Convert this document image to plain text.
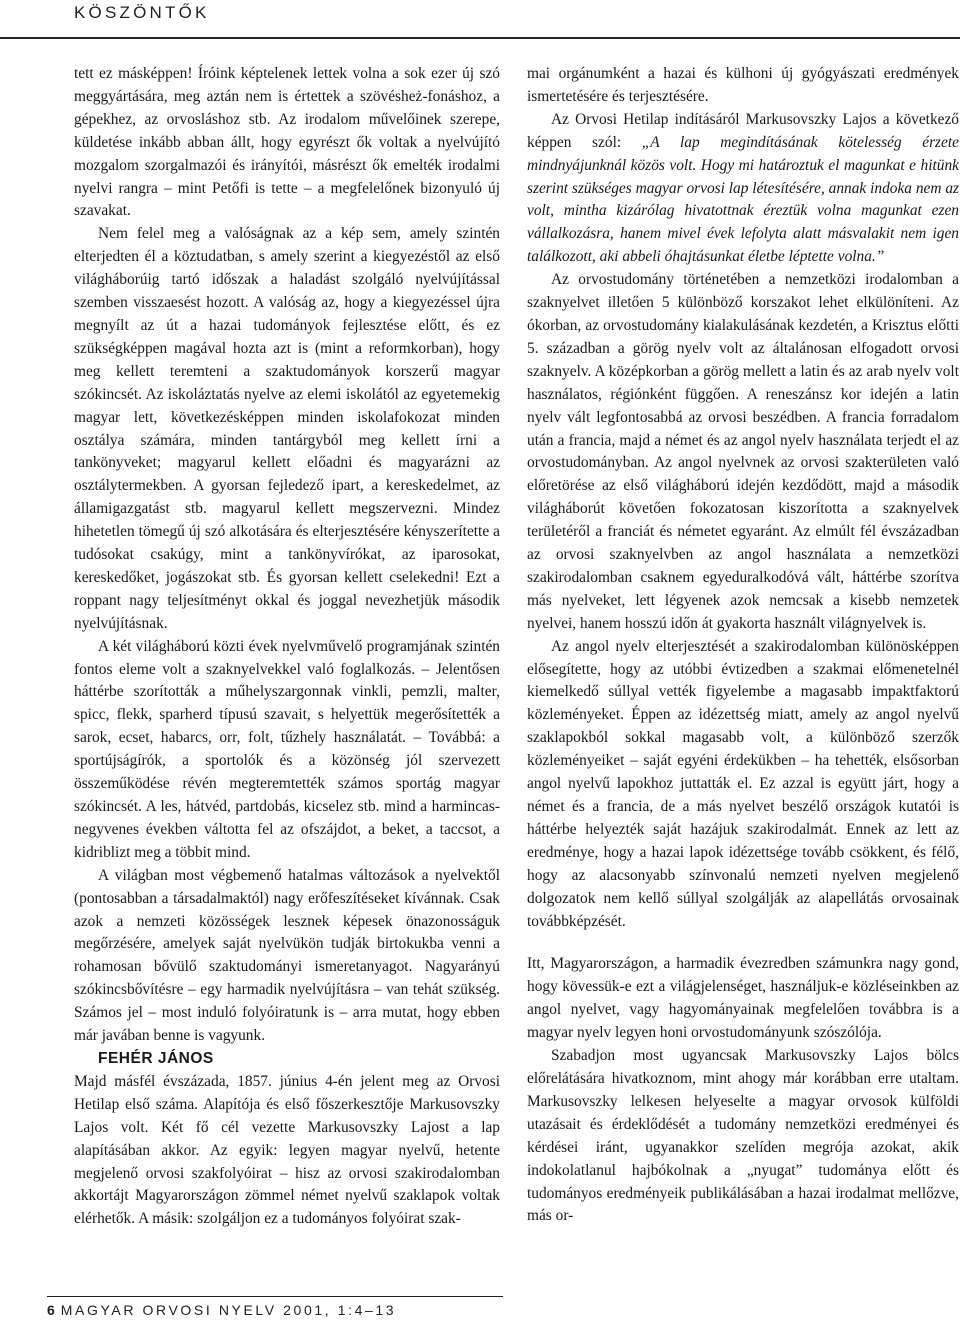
KÖSZÖNTŐK

tett ez másképpen! Íróink képtelenek lettek volna a sok ezer új szó meggyártására, meg aztán nem is értettek a szövésheż-fonáshoz, a gépekhez, az orvosláshoz stb. Az irodalom művelőinek szerepe, küldetése inkább abban állt, hogy egyrészt ők voltak a nyelvújító mozgalom szorgalmazói és irányítói, másrészt ők emelték irodalmi nyelvi rangra – mint Petőfi is tette – a megfelelőnek bizonyuló új szavakat.

Nem felel meg a valóságnak az a kép sem, amely szintén elterjedten él a köztudatban, s amely szerint a kiegyezéstől az első világháborúig tartó időszak a haladást szolgáló nyelvújítással szemben visszaesést hozott. A valóság az, hogy a kiegyezéssel újra megnyílt az út a hazai tudományok fejlesztése előtt, és ez szükségképpen magával hozta azt is (mint a reformkorban), hogy meg kellett teremteni a szaktudományok korszerű magyar szókincsét. Az iskoláztatás nyelve az elemi iskolától az egyetemekig magyar lett, következésképpen minden iskolafokozat minden osztálya számára, minden tantárgyból meg kellett írni a tankönyveket; magyarul kellett előadni és magyarázni az osztálytermekben. A gyorsan fejledező ipart, a kereskedelmet, az államigazgatást stb. magyarul kellett megszervezni. Mindez hihetetlen tömegű új szó alkotására és elterjesztésére kényszerítette a tudósokat csakúgy, mint a tankönyvírókat, az iparosokat, kereskedőket, jogászokat stb. És gyorsan kellett cselekedni! Ezt a roppant nagy teljesítményt okkal és joggal nevezhetjük második nyelvújításnak.

A két világháború közti évek nyelvművelő programjának szintén fontos eleme volt a szaknyelvekkel való foglalkozás. – Jelentősen háttérbe szorították a műhelyszargonnak vinkli, pemzli, malter, spicc, flekk, sparherd típusú szavait, s helyettük megerősítették a sarok, ecset, habarcs, orr, folt, tűzhely használatát. – Továbbá: a sportújságírók, a sportolók és a közönség jól szervezett összeműködése révén megteremtették számos sportág magyar szókincsét. A les, hátvéd, partdobás, kicselez stb. mind a harmincas-negyvenes években váltotta fel az ofszájdot, a beket, a taccsot, a kidriblizt meg a többit mind.

A világban most végbemenő hatalmas változások a nyelvektől (pontosabban a társadalmaktól) nagy erőfeszítéseket kívánnak. Csak azok a nemzeti közösségek lesznek képesek önazonosságuk megőrzésére, amelyek saját nyelvükön tudják birtokukba venni a rohamosan bővülő szaktudományi ismeretanyagot. Nagyarányú szókincsbővítésre – egy harmadik nyelvújításra – van tehát szükség. Számos jel – most induló folyóiratunk is – arra mutat, hogy ebben már javában benne is vagyunk.

FEHÉR JÁNOS

Majd másfél évszázada, 1857. június 4-én jelent meg az Orvosi Hetilap első száma. Alapítója és első főszerkesztője Markusovszky Lajos volt. Két fő cél vezette Markusovszky Lajost a lap alapításában akkor. Az egyik: legyen magyar nyelvű, hetente megjelenő orvosi szakfolyóirat – hisz az orvosi szakirodalomban akkortájt Magyarországon zömmel német nyelvű szaklapok voltak elérhetők. A másik: szolgáljon ez a tudományos folyóirat szak-

mai orgánumként a hazai és külhoni új gyógyászati eredmények ismertetésére és terjesztésére.

Az Orvosi Hetilap indításáról Markusovszky Lajos a következő képpen szól: „A lap megindításának kötelesség érzete mindnyájunknál közös volt. Hogy mi határoztuk el magunkat e hitünk szerint szükséges magyar orvosi lap létesítésére, annak indoka nem az volt, mintha kizárólag hivatottnak éreztük volna magunkat ezen vállalkozásra, hanem mivel évek lefolyta alatt másvalakit nem igen találkozott, aki abbeli óhajtásunkat életbe léptette volna.”

Az orvostudomány történetében a nemzetközi irodalomban a szaknyelvet illetően 5 különböző korszakot lehet elkülöníteni. Az ókorban, az orvostudomány kialakulásának kezdetén, a Krisztus előtti 5. században a görög nyelv volt az általánosan elfogadott orvosi szaknyelv. A középkorban a görög mellett a latin és az arab nyelv volt használatos, régiónként függően. A reneszánsz kor idején a latin nyelv vált legfontosabbá az orvosi beszédben. A francia forradalom után a francia, majd a német és az angol nyelv használata terjedt el az orvostudományban. Az angol nyelvnek az orvosi szakterületen való előretörése az első világháború idején kezdődött, majd a második világháborút követően fokozatosan kiszorította a szaknyelvek területéről a franciát és németet egyaránt. Az elmúlt fél évszázadban az orvosi szaknyelvben az angol használata a nemzetközi szakirodalomban csaknem egyeduralkodóvá vált, háttérbe szorítva más nyelveket, lett légyenek azok nemcsak a kisebb nemzetek nyelvei, hanem hosszú időn át gyakorta használt világnyelvek is.

Az angol nyelv elterjesztését a szakirodalomban különösképpen elősegítette, hogy az utóbbi évtizedben a szakmai előmenetelnél kiemelkedő súllyal vették figyelembe a magasabb impaktfaktorú közleményeket. Éppen az idézettség miatt, amely az angol nyelvű szaklapokból sokkal magasabb volt, a különböző szerzők közleményeiket – saját egyéni érdekükben – ha tehették, elsősorban angol nyelvű lapokhoz juttatták el. Ez azzal is együtt járt, hogy a német és a francia, de a más nyelvet beszélő országok kutatói is háttérbe helyezték saját hazájuk szakirodalmát. Ennek az lett az eredménye, hogy a hazai lapok idézettsége tovább csökkent, és félő, hogy az alacsonyabb színvonalú nemzeti nyelven megjelenő dolgozatok nem kellő súllyal szolgálják az alapellátás orvosainak továbbképzését.

Itt, Magyarországon, a harmadik évezredben számunkra nagy gond, hogy kövessük-e ezt a világjelenséget, használjuk-e közléseinkben az angol nyelvet, vagy hagyományainak megfelelően továbbra is a magyar nyelv legyen honi orvostudományunk szószólója.

Szabadjon most ugyancsak Markusovszky Lajos bölcs előrelátására hivatkoznom, mint ahogy már korábban erre utaltam. Markusovszky lelkesen helyeselte a magyar orvosok külföldi utazásait és érdeklődését a tudomány nemzetközi eredményei és kérdései iránt, ugyanakkor szelíden megrója azokat, akik indokolatlanul hajbókolnak a „nyugat” tudománya előtt és tudományos eredményeik publikálásában a hazai irodalmat mellőzve, más or-

6 MAGYAR ORVOSI NYELV 2001, 1:4–13
